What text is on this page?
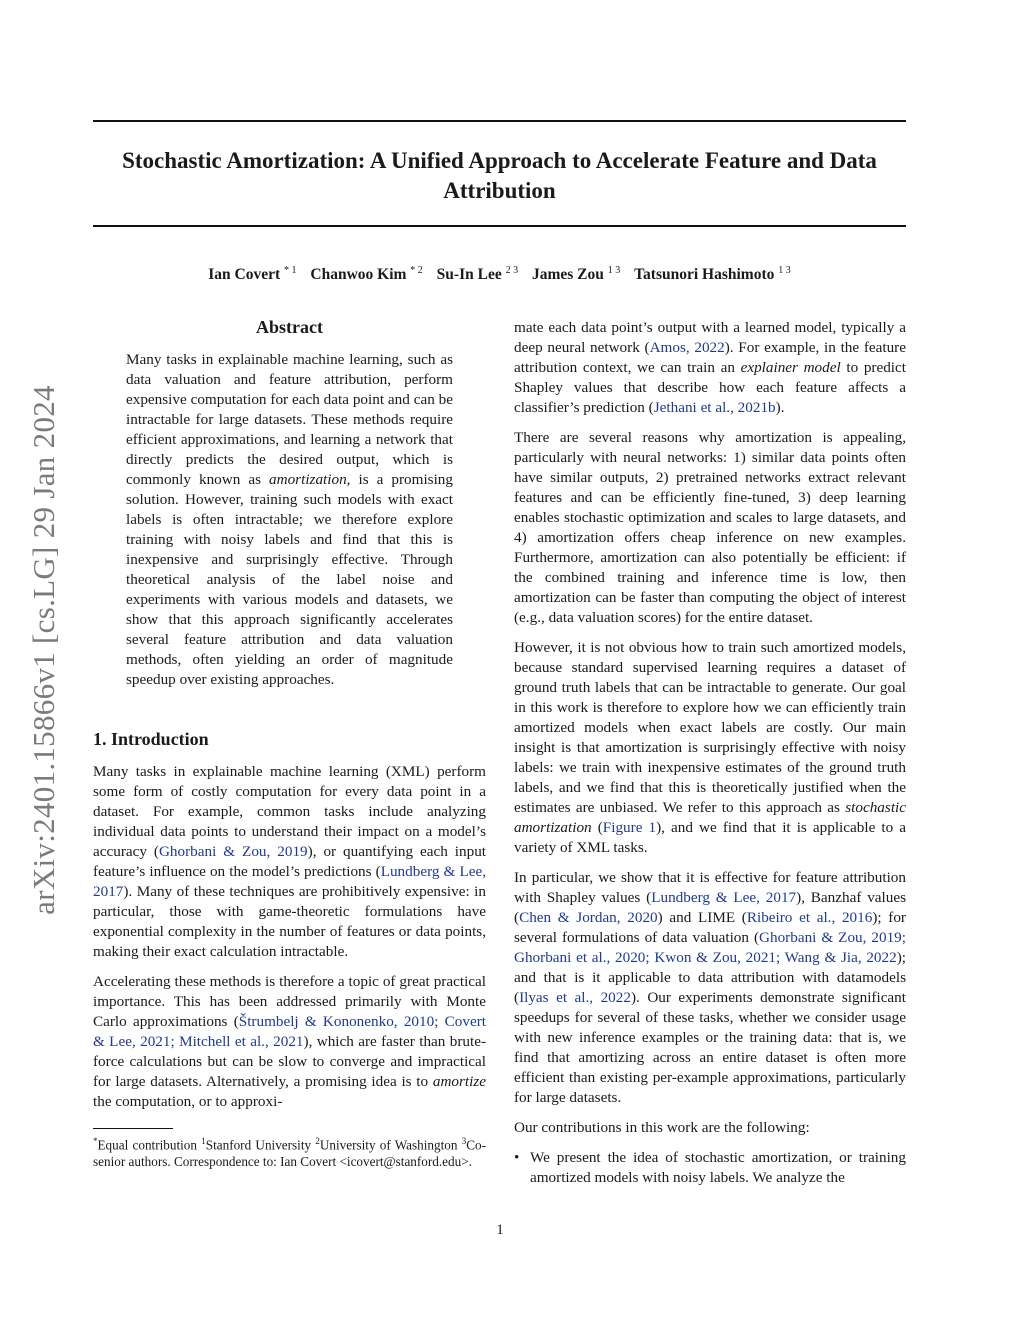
arXiv:2401.15866v1 [cs.LG] 29 Jan 2024
Stochastic Amortization: A Unified Approach to Accelerate Feature and Data Attribution
Ian Covert $^{* 1}$ Chanwoo Kim $^{* 2}$ Su-In Lee $^{2 3}$ James Zou $^{1 3}$ Tatsunori Hashimoto $^{1 3}$
Abstract

Many tasks in explainable machine learning, such as data valuation and feature attribution, perform expensive computation for each data point and can be intractable for large datasets. These methods require efficient approximations, and learning a network that directly predicts the desired output, which is commonly known as amortization, is a promising solution. However, training such models with exact labels is often intractable; we therefore explore training with noisy labels and find that this is inexpensive and surprisingly effective. Through theoretical analysis of the label noise and experiments with various models and datasets, we show that this approach significantly accelerates several feature attribution and data valuation methods, often yielding an order of magnitude speedup over existing approaches.

1. Introduction

Many tasks in explainable machine learning (XML) perform some form of costly computation for every data point in a dataset. For example, common tasks include analyzing individual data points to understand their impact on a model’s accuracy (Ghorbani & Zou, 2019), or quantifying each input feature’s influence on the model’s predictions (Lundberg & Lee, 2017). Many of these techniques are prohibitively expensive: in particular, those with game-theoretic formulations have exponential complexity in the number of features or data points, making their exact calculation intractable.

Accelerating these methods is therefore a topic of great practical importance. This has been addressed primarily with Monte Carlo approximations (Štrumbelj & Kononenko, 2010; Covert & Lee, 2021; Mitchell et al., 2021), which are faster than brute-force calculations but can be slow to converge and impractical for large datasets. Alternatively, a promising idea is to amortize the computation, or to approxi-

*Equal contribution $^1$Stanford University $^2$University of Washington $^3$Co-senior authors. Correspondence to: Ian Covert <icovert@stanford.edu>.

mate each data point’s output with a learned model, typically a deep neural network (Amos, 2022). For example, in the feature attribution context, we can train an explainer model to predict Shapley values that describe how each feature affects a classifier’s prediction (Jethani et al., 2021b).

There are several reasons why amortization is appealing, particularly with neural networks: 1) similar data points often have similar outputs, 2) pretrained networks extract relevant features and can be efficiently fine-tuned, 3) deep learning enables stochastic optimization and scales to large datasets, and 4) amortization offers cheap inference on new examples. Furthermore, amortization can also potentially be efficient: if the combined training and inference time is low, then amortization can be faster than computing the object of interest (e.g., data valuation scores) for the entire dataset.

However, it is not obvious how to train such amortized models, because standard supervised learning requires a dataset of ground truth labels that can be intractable to generate. Our goal in this work is therefore to explore how we can efficiently train amortized models when exact labels are costly. Our main insight is that amortization is surprisingly effective with noisy labels: we train with inexpensive estimates of the ground truth labels, and we find that this is theoretically justified when the estimates are unbiased. We refer to this approach as stochastic amortization (Figure 1), and we find that it is applicable to a variety of XML tasks.

In particular, we show that it is effective for feature attribution with Shapley values (Lundberg & Lee, 2017), Banzhaf values (Chen & Jordan, 2020) and LIME (Ribeiro et al., 2016); for several formulations of data valuation (Ghorbani & Zou, 2019; Ghorbani et al., 2020; Kwon & Zou, 2021; Wang & Jia, 2022); and that is it applicable to data attribution with datamodels (Ilyas et al., 2022). Our experiments demonstrate significant speedups for several of these tasks, whether we consider usage with new inference examples or the training data: that is, we find that amortizing across an entire dataset is often more efficient than existing per-example approximations, particularly for large datasets.

Our contributions in this work are the following:

• We present the idea of stochastic amortization, or training amortized models with noisy labels. We analyze the
1
